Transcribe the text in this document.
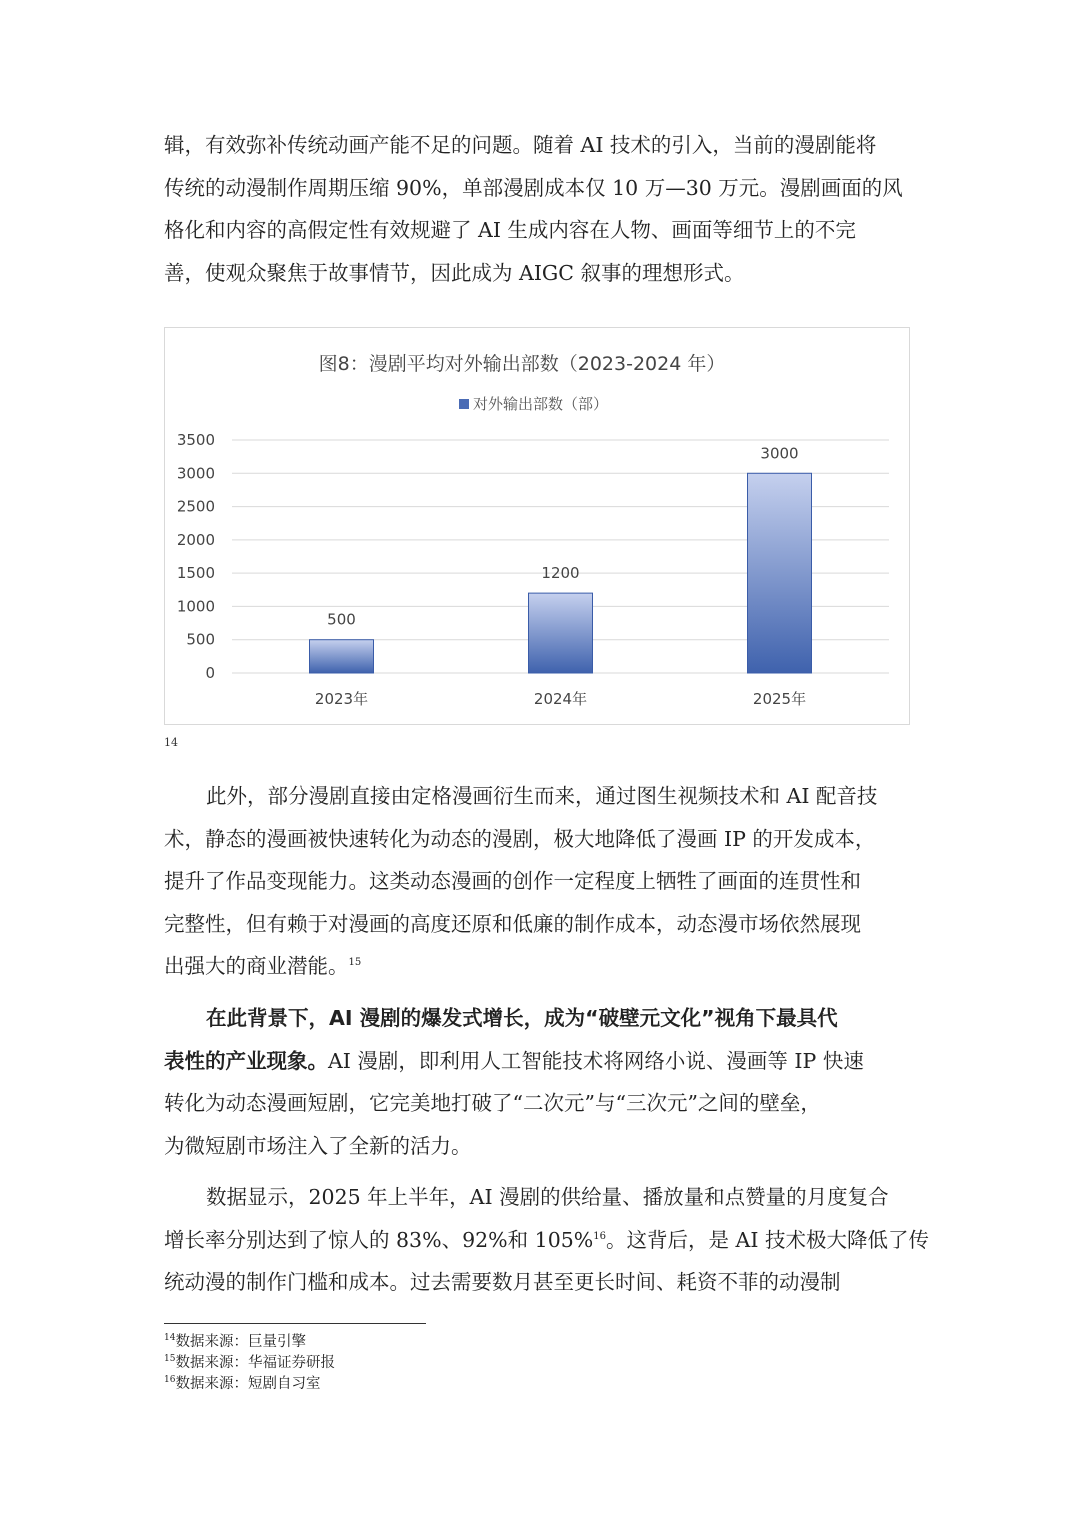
辑，有效弥补传统动画产能不足的问题。随着 AI 技术的引入，当前的漫剧能将
传统的动漫制作周期压缩 90%，单部漫剧成本仅 10 万—30 万元。漫剧画面的风
格化和内容的高假定性有效规避了 AI 生成内容在人物、画面等细节上的不完
善，使观众聚焦于故事情节，因此成为 AIGC 叙事的理想形式。
图8：漫剧平均对外输出部数（2023-2024 年）
对外输出部数（部）
0
500
1000
1500
2000
2500
3000
3500
500
2023年
1200
2024年
3000
2025年
14
此外，部分漫剧直接由定格漫画衍生而来，通过图生视频技术和 AI 配音技
术，静态的漫画被快速转化为动态的漫剧，极大地降低了漫画 IP 的开发成本，
提升了作品变现能力。这类动态漫画的创作一定程度上牺牲了画面的连贯性和
完整性，但有赖于对漫画的高度还原和低廉的制作成本，动态漫市场依然展现
出强大的商业潜能。$^{15}$
在此背景下，AI 漫剧的爆发式增长，成为“破壁元文化”视角下最具代
表性的产业现象。AI 漫剧，即利用人工智能技术将网络小说、漫画等 IP 快速
转化为动态漫画短剧，它完美地打破了“二次元”与“三次元”之间的壁垒，
为微短剧市场注入了全新的活力。
数据显示，2025 年上半年，AI 漫剧的供给量、播放量和点赞量的月度复合
增长率分别达到了惊人的 83%、92%和 105%$^{16}$。这背后，是 AI 技术极大降低了传
统动漫的制作门槛和成本。过去需要数月甚至更长时间、耗资不菲的动漫制
$^{14}$数据来源：巨量引擎
$^{15}$数据来源：华福证券研报
$^{16}$数据来源：短剧自习室
